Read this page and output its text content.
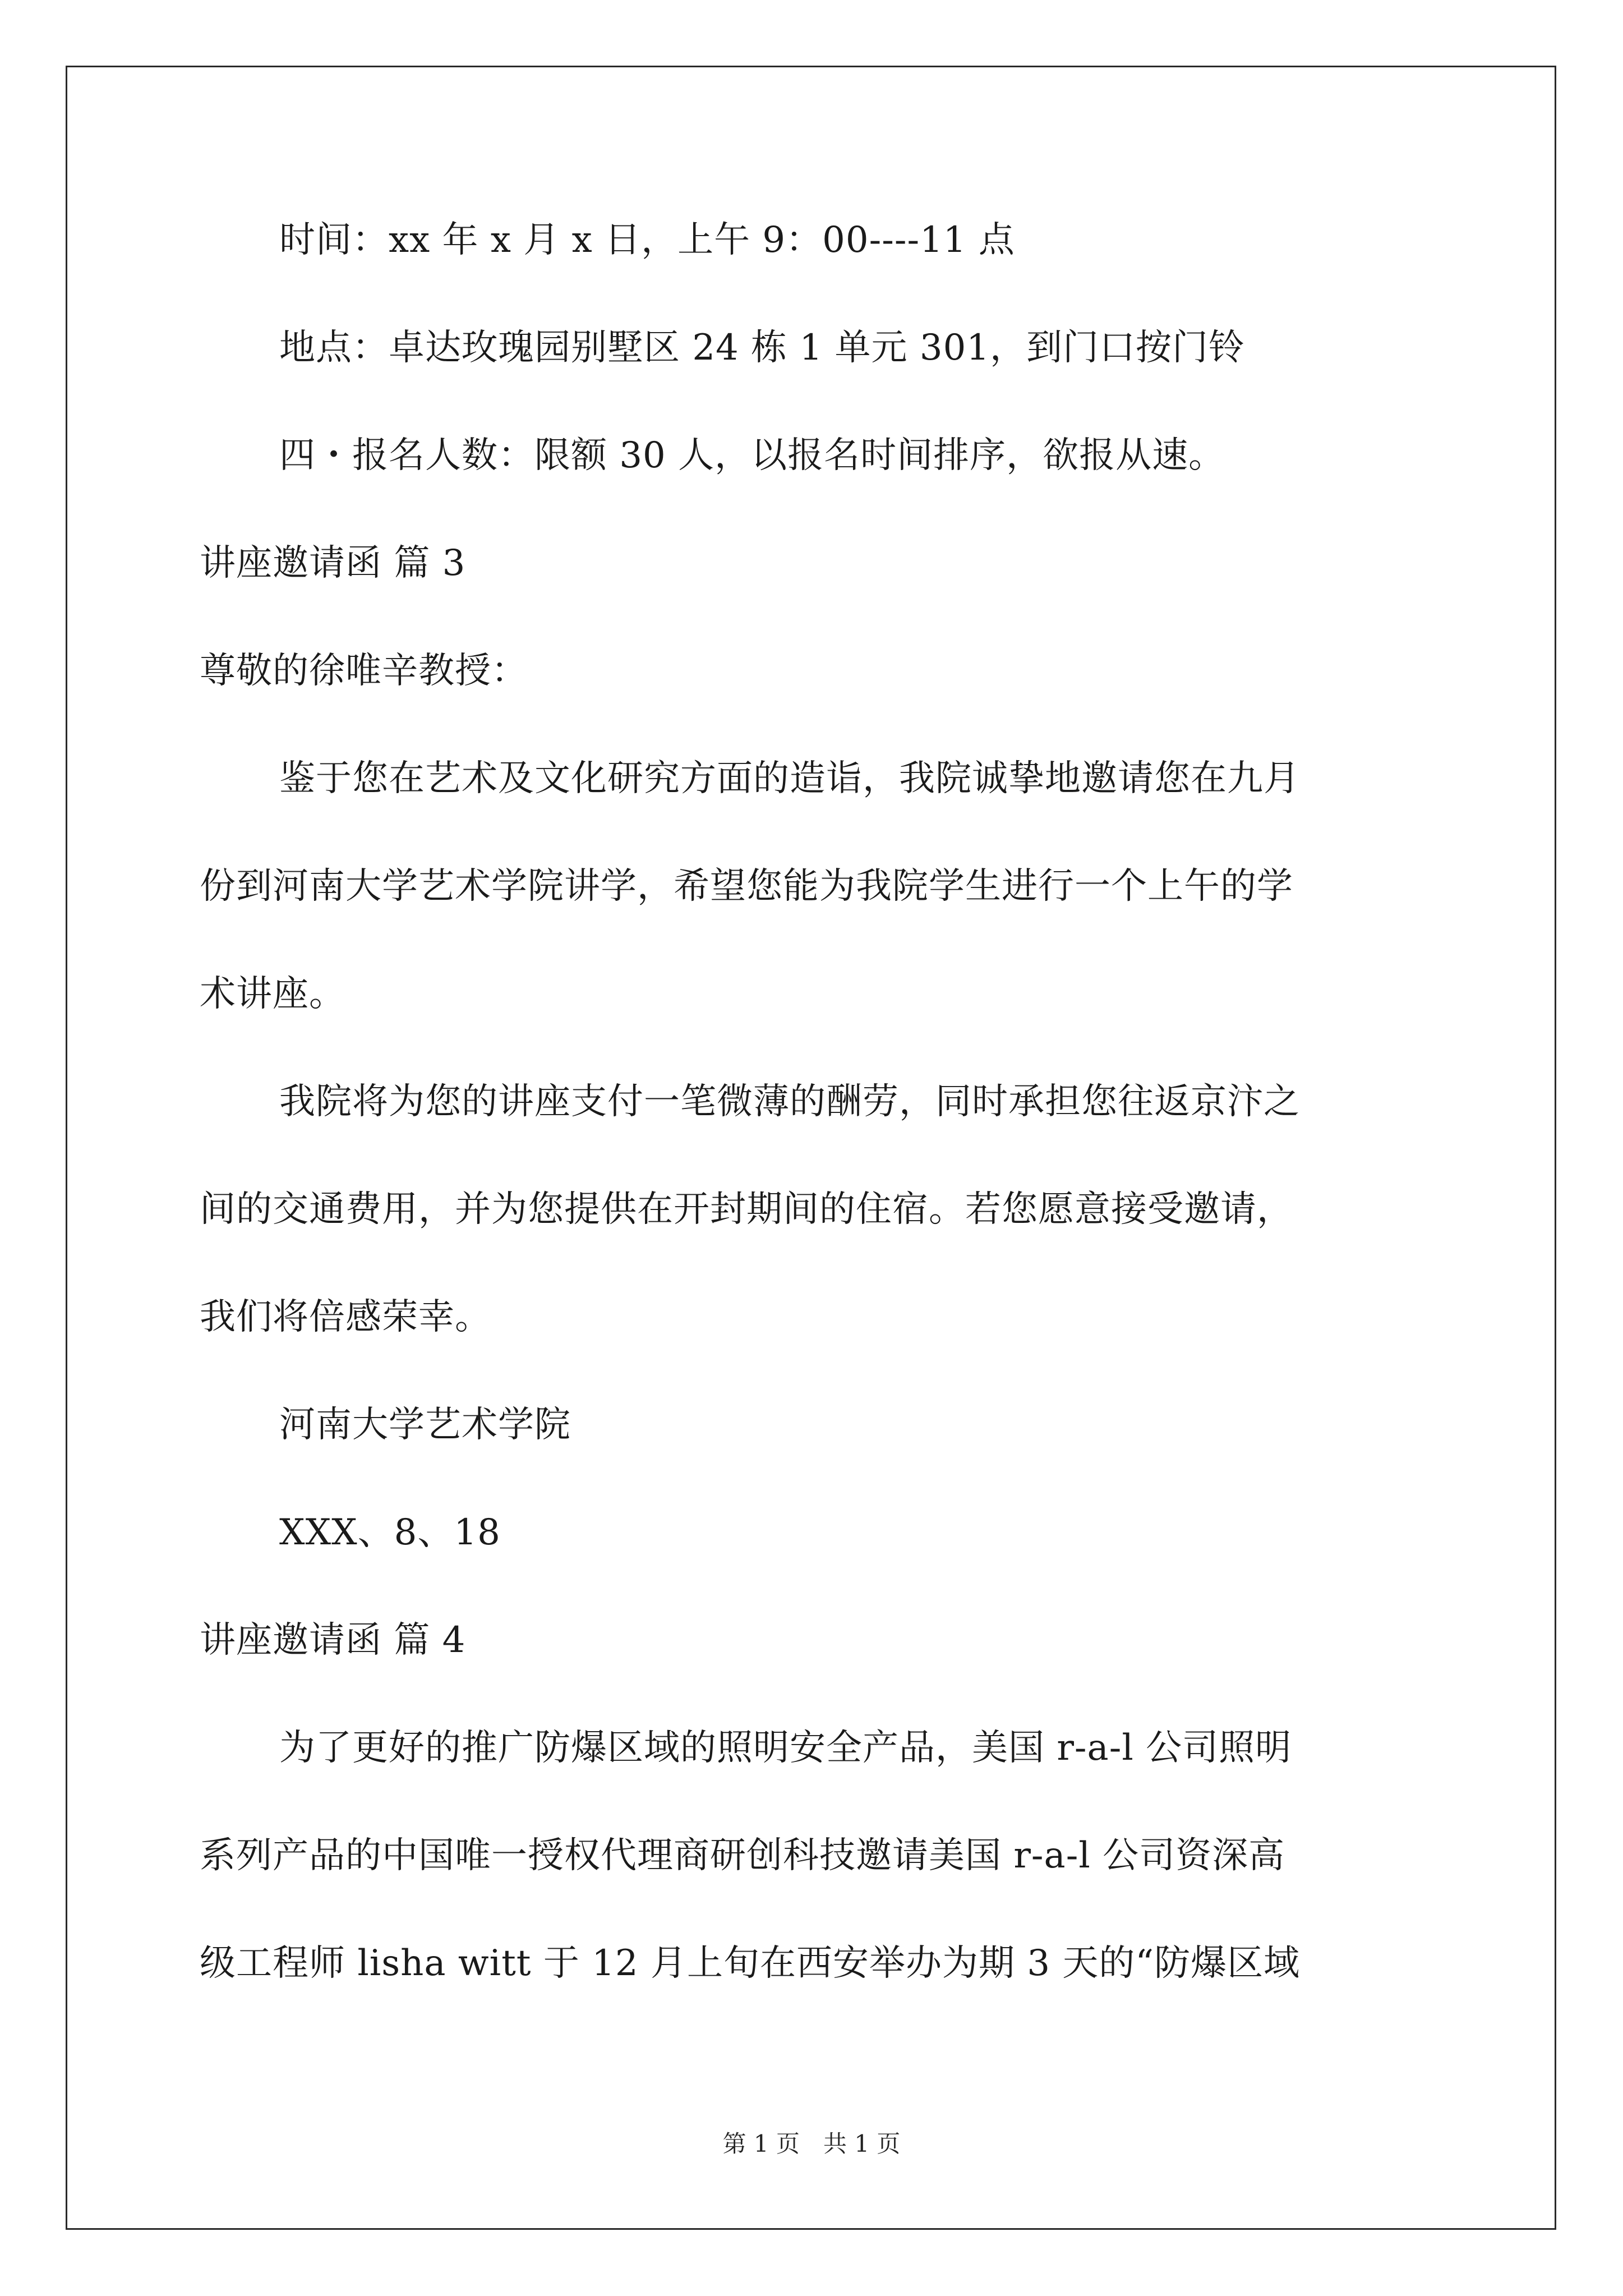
时间：xx 年 x 月 x 日，上午 9：00----11 点
地点：卓达玫瑰园别墅区 24 栋 1 单元 301，到门口按门铃
四・报名人数：限额 30 人，以报名时间排序，欲报从速。
讲座邀请函 篇 3
尊敬的徐唯辛教授：
鉴于您在艺术及文化研究方面的造诣，我院诚挚地邀请您在九月
份到河南大学艺术学院讲学，希望您能为我院学生进行一个上午的学
术讲座。
我院将为您的讲座支付一笔微薄的酬劳，同时承担您往返京汴之
间的交通费用，并为您提供在开封期间的住宿。若您愿意接受邀请，
我们将倍感荣幸。
河南大学艺术学院
XXX、8、18
讲座邀请函 篇 4
为了更好的推广防爆区域的照明安全产品，美国 r-a-l 公司照明
系列产品的中国唯一授权代理商研创科技邀请美国 r-a-l 公司资深高
级工程师 lisha witt 于 12 月上旬在西安举办为期 3 天的“防爆区域
第 1 页 共 1 页
